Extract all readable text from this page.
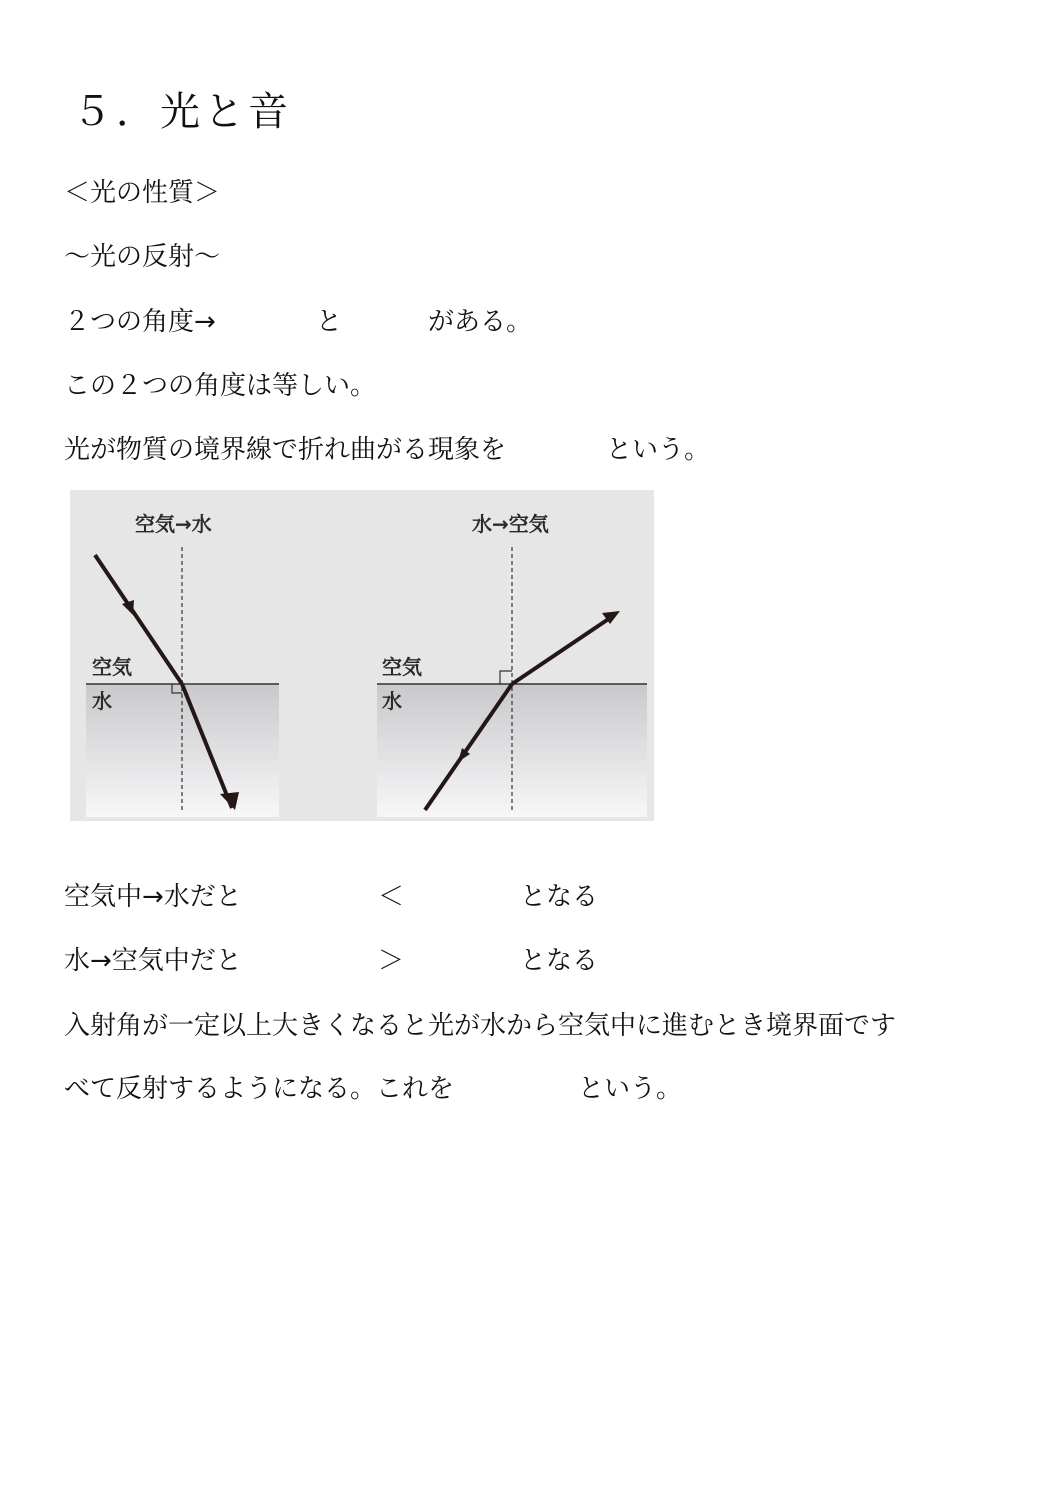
５．光と音
＜光の性質＞
〜光の反射〜
２つの角度→	と	がある。
この２つの角度は等しい。
光が物質の境界線で折れ曲がる現象を	という。
空気→水
空気
水
水→空気
空気
水
空気中→水だと	＜	となる
水→空気中だと	＞	となる
入射角が一定以上大きくなると光が水から空気中に進むとき境界面です
べて反射するようになる。これを	という。
